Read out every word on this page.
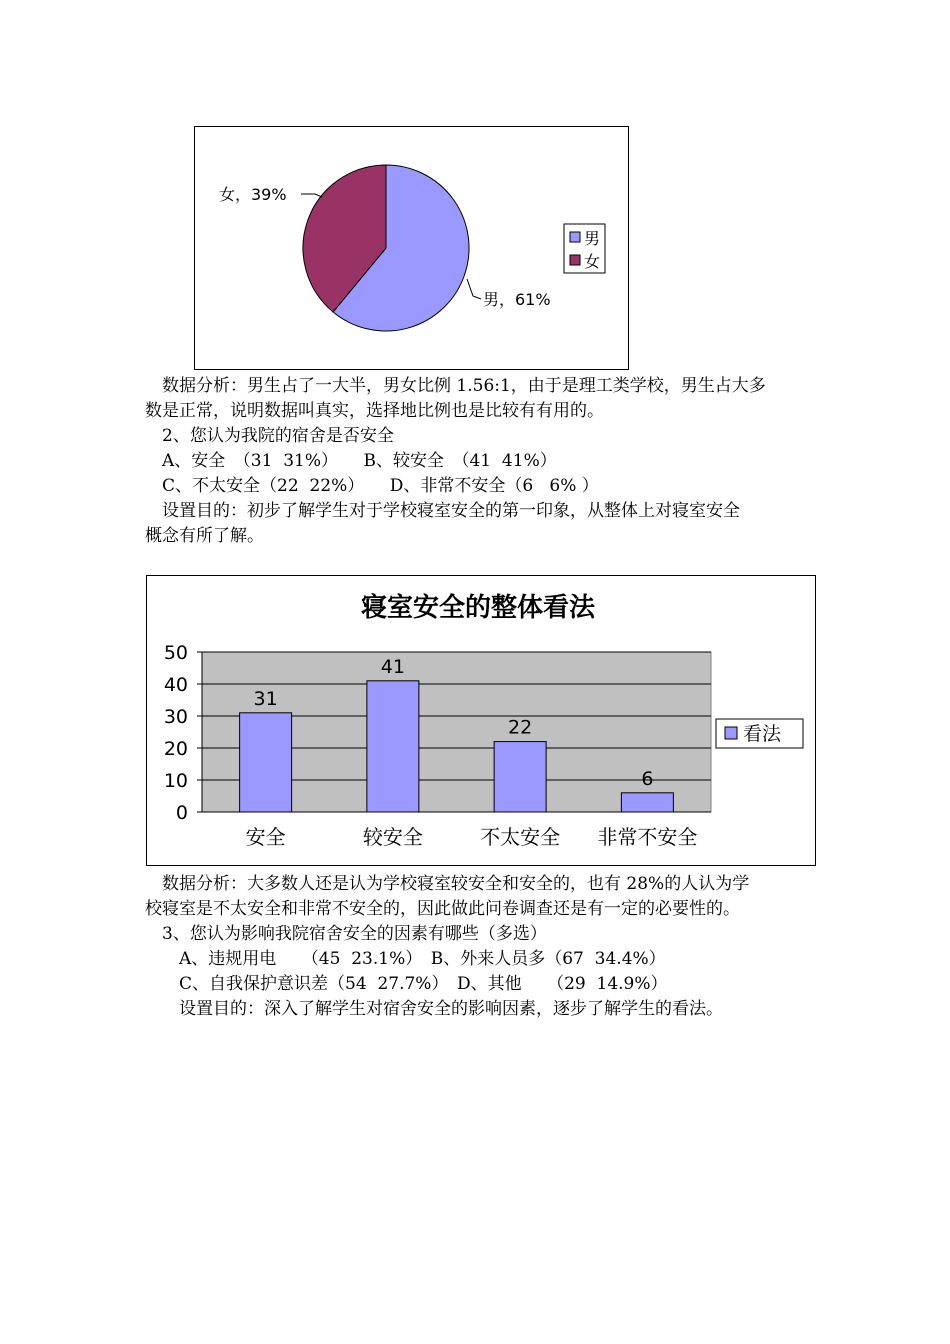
女，39%
男，61%
男
女
　数据分析：男生占了一大半，男女比例 1.56:1，由于是理工类学校，男生占大多
数是正常，说明数据叫真实，选择地比例也是比较有有用的。
　2、您认为我院的宿舍是否安全
　A、安全　（31  31%）　　B、较安全　（41  41%）
　C、不太安全（22  22%）　　D、非常不安全（6   6% ）
　设置目的：初步了解学生对于学校寝室安全的第一印象，从整体上对寝室安全
概念有所了解。
寝室安全的整体看法
0
10
20
30
40
50
31
41
22
6
安全	较安全	不太安全 非常不安全
看法
　数据分析：大多数人还是认为学校寝室较安全和安全的，也有 28%的人认为学
校寝室是不太安全和非常不安全的，因此做此问卷调查还是有一定的必要性的。
　3、您认为影响我院宿舍安全的因素有哪些（多选）
　　A、违规用电　　（45  23.1%）　B、外来人员多（67  34.4%）
　　C、自我保护意识差（54  27.7%）　D、其他　　（29  14.9%）
　　设置目的：深入了解学生对宿舍安全的影响因素，逐步了解学生的看法。
